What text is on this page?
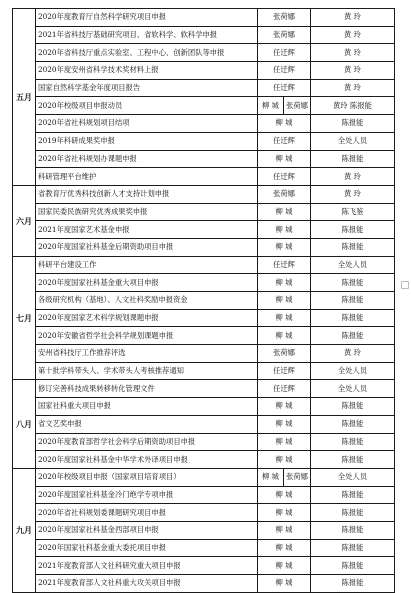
五月	2020年度教育厅自然科学研究项目申报	张荷娜		黄 玲
	2021年省科技厅基础研究项目、省软科学、软科学申报	张荷娜		黄 玲
	2020年省科技厅重点实验室、工程中心、创新团队等申报	任迁辉		黄 玲
	2020年度安州省科学技术奖材料上报	任迁辉		黄 玲
	国家自然科学基金年度项目报告	任迁辉		黄 玲
	2020年校级项目申报动员	柳 城	张荷娜	黄玲 陈报能
	2020年省社科规划项目结项	柳 城		陈报能
	2019年科研成果奖申报	任迁辉		全处人员
	2020年省社科规划办课题申报	柳 城		陈报能
	科研管理平台维护	任迁辉		黄 玲
六月	省教育厅优秀科技创新人才支持计划申报	张荷娜		黄 玲
	国家民委民族研究优秀成果奖申报	柳 城		陈飞鉴
	2021年度国家艺术基金申报	柳 城		陈报能
	2020年度国家社科基金后期资助项目申报	柳 城		陈报能
七月	科研平台建设工作	任迁辉		全处人员
	2020年度国家社科基金重大项目申报	柳 城		陈报能
	各级研究机构（基地）、人文社科奖励申报资金	柳 城		陈报能
	2020年度国家艺术科学规划课题申报	柳 城		陈报能
	2020年安徽省哲学社会科学规划课题申报	柳 城		陈报能
	安州省科技厅工作推荐评选	张荷娜		黄 玲
	第十批学科带头人、学术带头人考核推荐通知	任迁辉		全处人员
八月	修订完善科技成果转移转化管理文件	任迁辉		全处人员
	国家社科重大项目申报	柳 城		陈报能
	省文艺奖申报	柳 城		陈报能
	2020年度教育部哲学社会科学后期资助项目申报	柳 城		陈报能
	2020年度国家社科基金中华学术外译项目申报	柳 城		陈报能
九月	2020年校级项目申报（国家项目培育项目）	柳 城	张荷娜	全处人员
	2020年度国家社科基金冷门绝学专项申报	柳 城		陈报能
	2020年省社科规划委课题研究项目申报	柳 城		陈报能
	2020年度国家社科基金西部项目申报	柳 城		陈报能
	2020年国家社科基金重大委托项目申报	柳 城		陈报能
	2021年度教育部人文社科研究重大项目申报	柳 城		陈报能
	2021年度教育部人文社科重大攻关项目申报	柳 城		陈报能
